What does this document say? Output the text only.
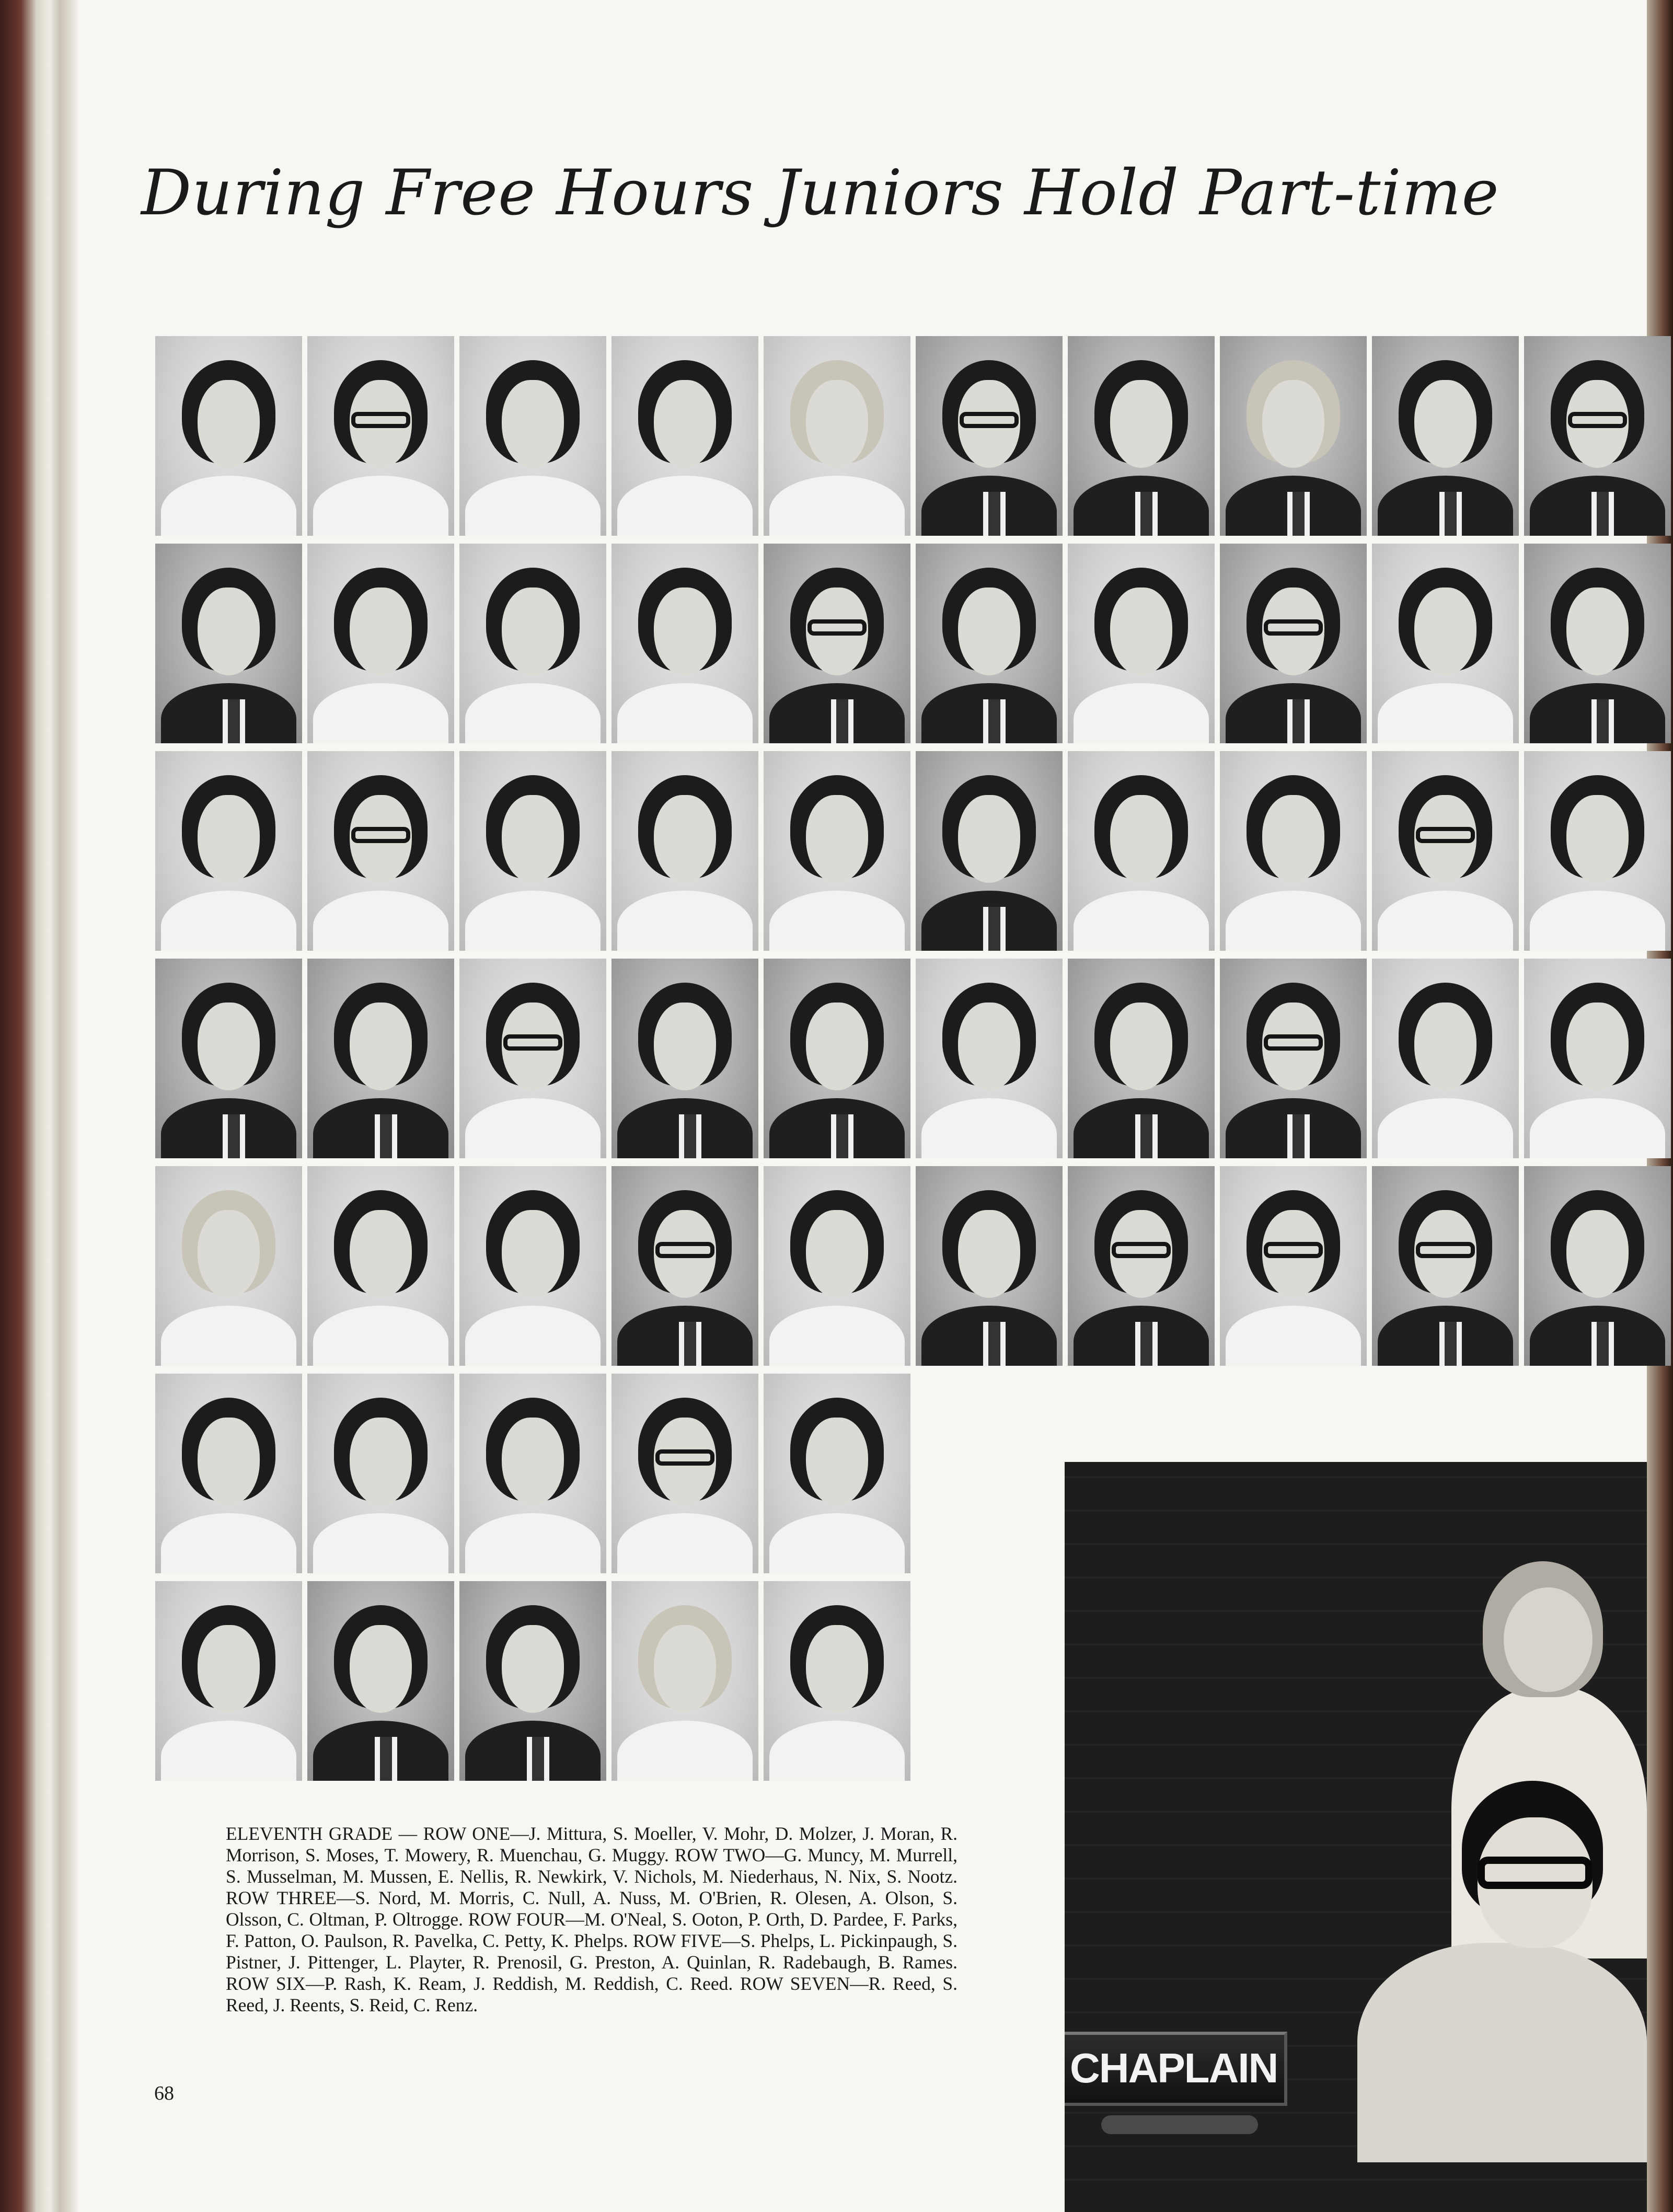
During Free Hours Juniors Hold Part-time
ELEVENTH GRADE — ROW ONE—J. Mittura, S. Moeller, V. Mohr, D. Molzer, J. Moran, R. Morrison, S. Moses, T. Mowery, R. Muenchau, G. Muggy. ROW TWO—G. Muncy, M. Murrell, S. Musselman, M. Mussen, E. Nellis, R. Newkirk, V. Nichols, M. Niederhaus, N. Nix, S. Nootz. ROW THREE—S. Nord, M. Morris, C. Null, A. Nuss, M. O'Brien, R. Olesen, A. Olson, S. Olsson, C. Oltman, P. Oltrogge. ROW FOUR—M. O'Neal, S. Ooton, P. Orth, D. Pardee, F. Parks, F. Patton, O. Paulson, R. Pavelka, C. Petty, K. Phelps. ROW FIVE—S. Phelps, L. Pickinpaugh, S. Pistner, J. Pittenger, L. Playter, R. Prenosil, G. Preston, A. Quinlan, R. Radebaugh, B. Rames. ROW SIX—P. Rash, K. Ream, J. Reddish, M. Reddish, C. Reed. ROW SEVEN—R. Reed, S. Reed, J. Reents, S. Reid, C. Renz.
68
CHAPLAIN
